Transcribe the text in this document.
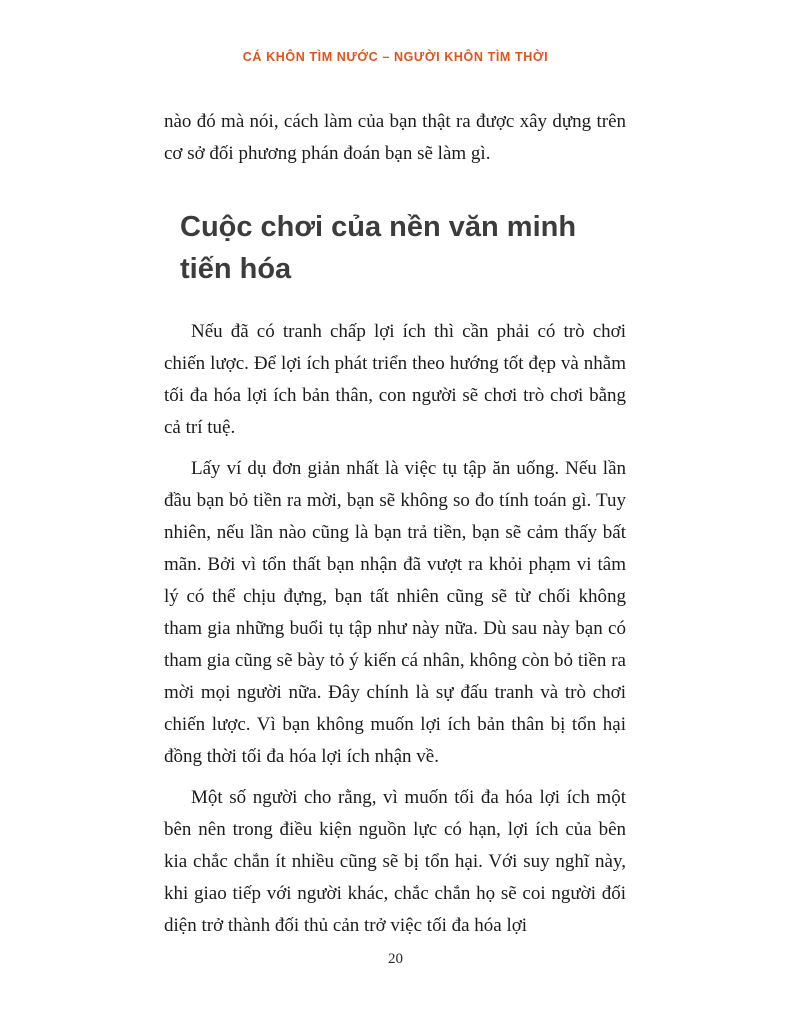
CÁ KHÔN TÌM NƯỚC – NGƯỜI KHÔN TÌM THỜI

nào đó mà nói, cách làm của bạn thật ra được xây dựng trên cơ sở đối phương phán đoán bạn sẽ làm gì.

Cuộc chơi của nền văn minh tiến hóa

Nếu đã có tranh chấp lợi ích thì cần phải có trò chơi chiến lược. Để lợi ích phát triển theo hướng tốt đẹp và nhằm tối đa hóa lợi ích bản thân, con người sẽ chơi trò chơi bằng cả trí tuệ.

Lấy ví dụ đơn giản nhất là việc tụ tập ăn uống. Nếu lần đầu bạn bỏ tiền ra mời, bạn sẽ không so đo tính toán gì. Tuy nhiên, nếu lần nào cũng là bạn trả tiền, bạn sẽ cảm thấy bất mãn. Bởi vì tổn thất bạn nhận đã vượt ra khỏi phạm vi tâm lý có thể chịu đựng, bạn tất nhiên cũng sẽ từ chối không tham gia những buổi tụ tập như này nữa. Dù sau này bạn có tham gia cũng sẽ bày tỏ ý kiến cá nhân, không còn bỏ tiền ra mời mọi người nữa. Đây chính là sự đấu tranh và trò chơi chiến lược. Vì bạn không muốn lợi ích bản thân bị tổn hại đồng thời tối đa hóa lợi ích nhận về.

Một số người cho rằng, vì muốn tối đa hóa lợi ích một bên nên trong điều kiện nguồn lực có hạn, lợi ích của bên kia chắc chắn ít nhiều cũng sẽ bị tổn hại. Với suy nghĩ này, khi giao tiếp với người khác, chắc chắn họ sẽ coi người đối diện trở thành đối thủ cản trở việc tối đa hóa lợi

20
